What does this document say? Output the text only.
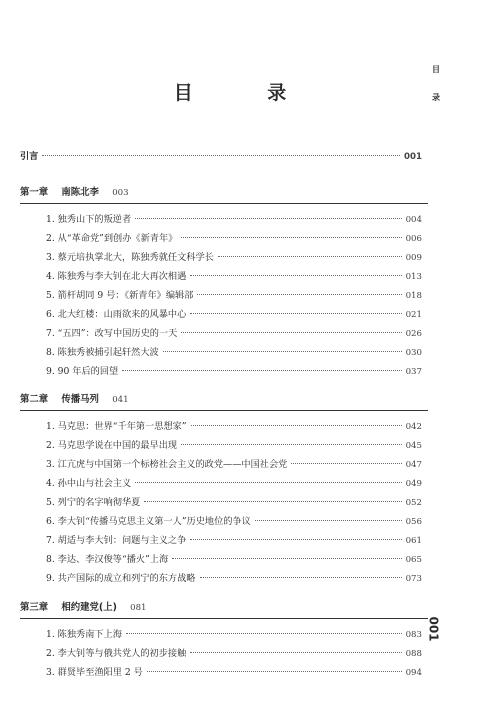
目
录
目 录
引言	001
第一章 南陈北李 003
1. 独秀山下的叛逆者	004
2. 从“革命党”到创办《新青年》	006
3. 蔡元培执掌北大，陈独秀就任文科学长	009
4. 陈独秀与李大钊在北大再次相遇	013
5. 箭杆胡同 9 号：《新青年》编辑部	018
6. 北大红楼：山雨欲来的风暴中心	021
7. “五四”：改写中国历史的一天	026
8. 陈独秀被捕引起轩然大波	030
9. 90 年后的回望	037
第二章 传播马列 041
1. 马克思：世界“千年第一思想家”	042
2. 马克思学说在中国的最早出现	045
3. 江亢虎与中国第一个标榜社会主义的政党——中国社会党	047
4. 孙中山与社会主义	049
5. 列宁的名字响彻华夏	052
6. 李大钊“传播马克思主义第一人”历史地位的争议	056
7. 胡适与李大钊：问题与主义之争	061
8. 李达、李汉俊等“播火”上海	065
9. 共产国际的成立和列宁的东方战略	073
第三章 相约建党(上) 081
1. 陈独秀南下上海	083
2. 李大钊等与俄共党人的初步接触	088
3. 群贤毕至渔阳里 2 号	094
001
